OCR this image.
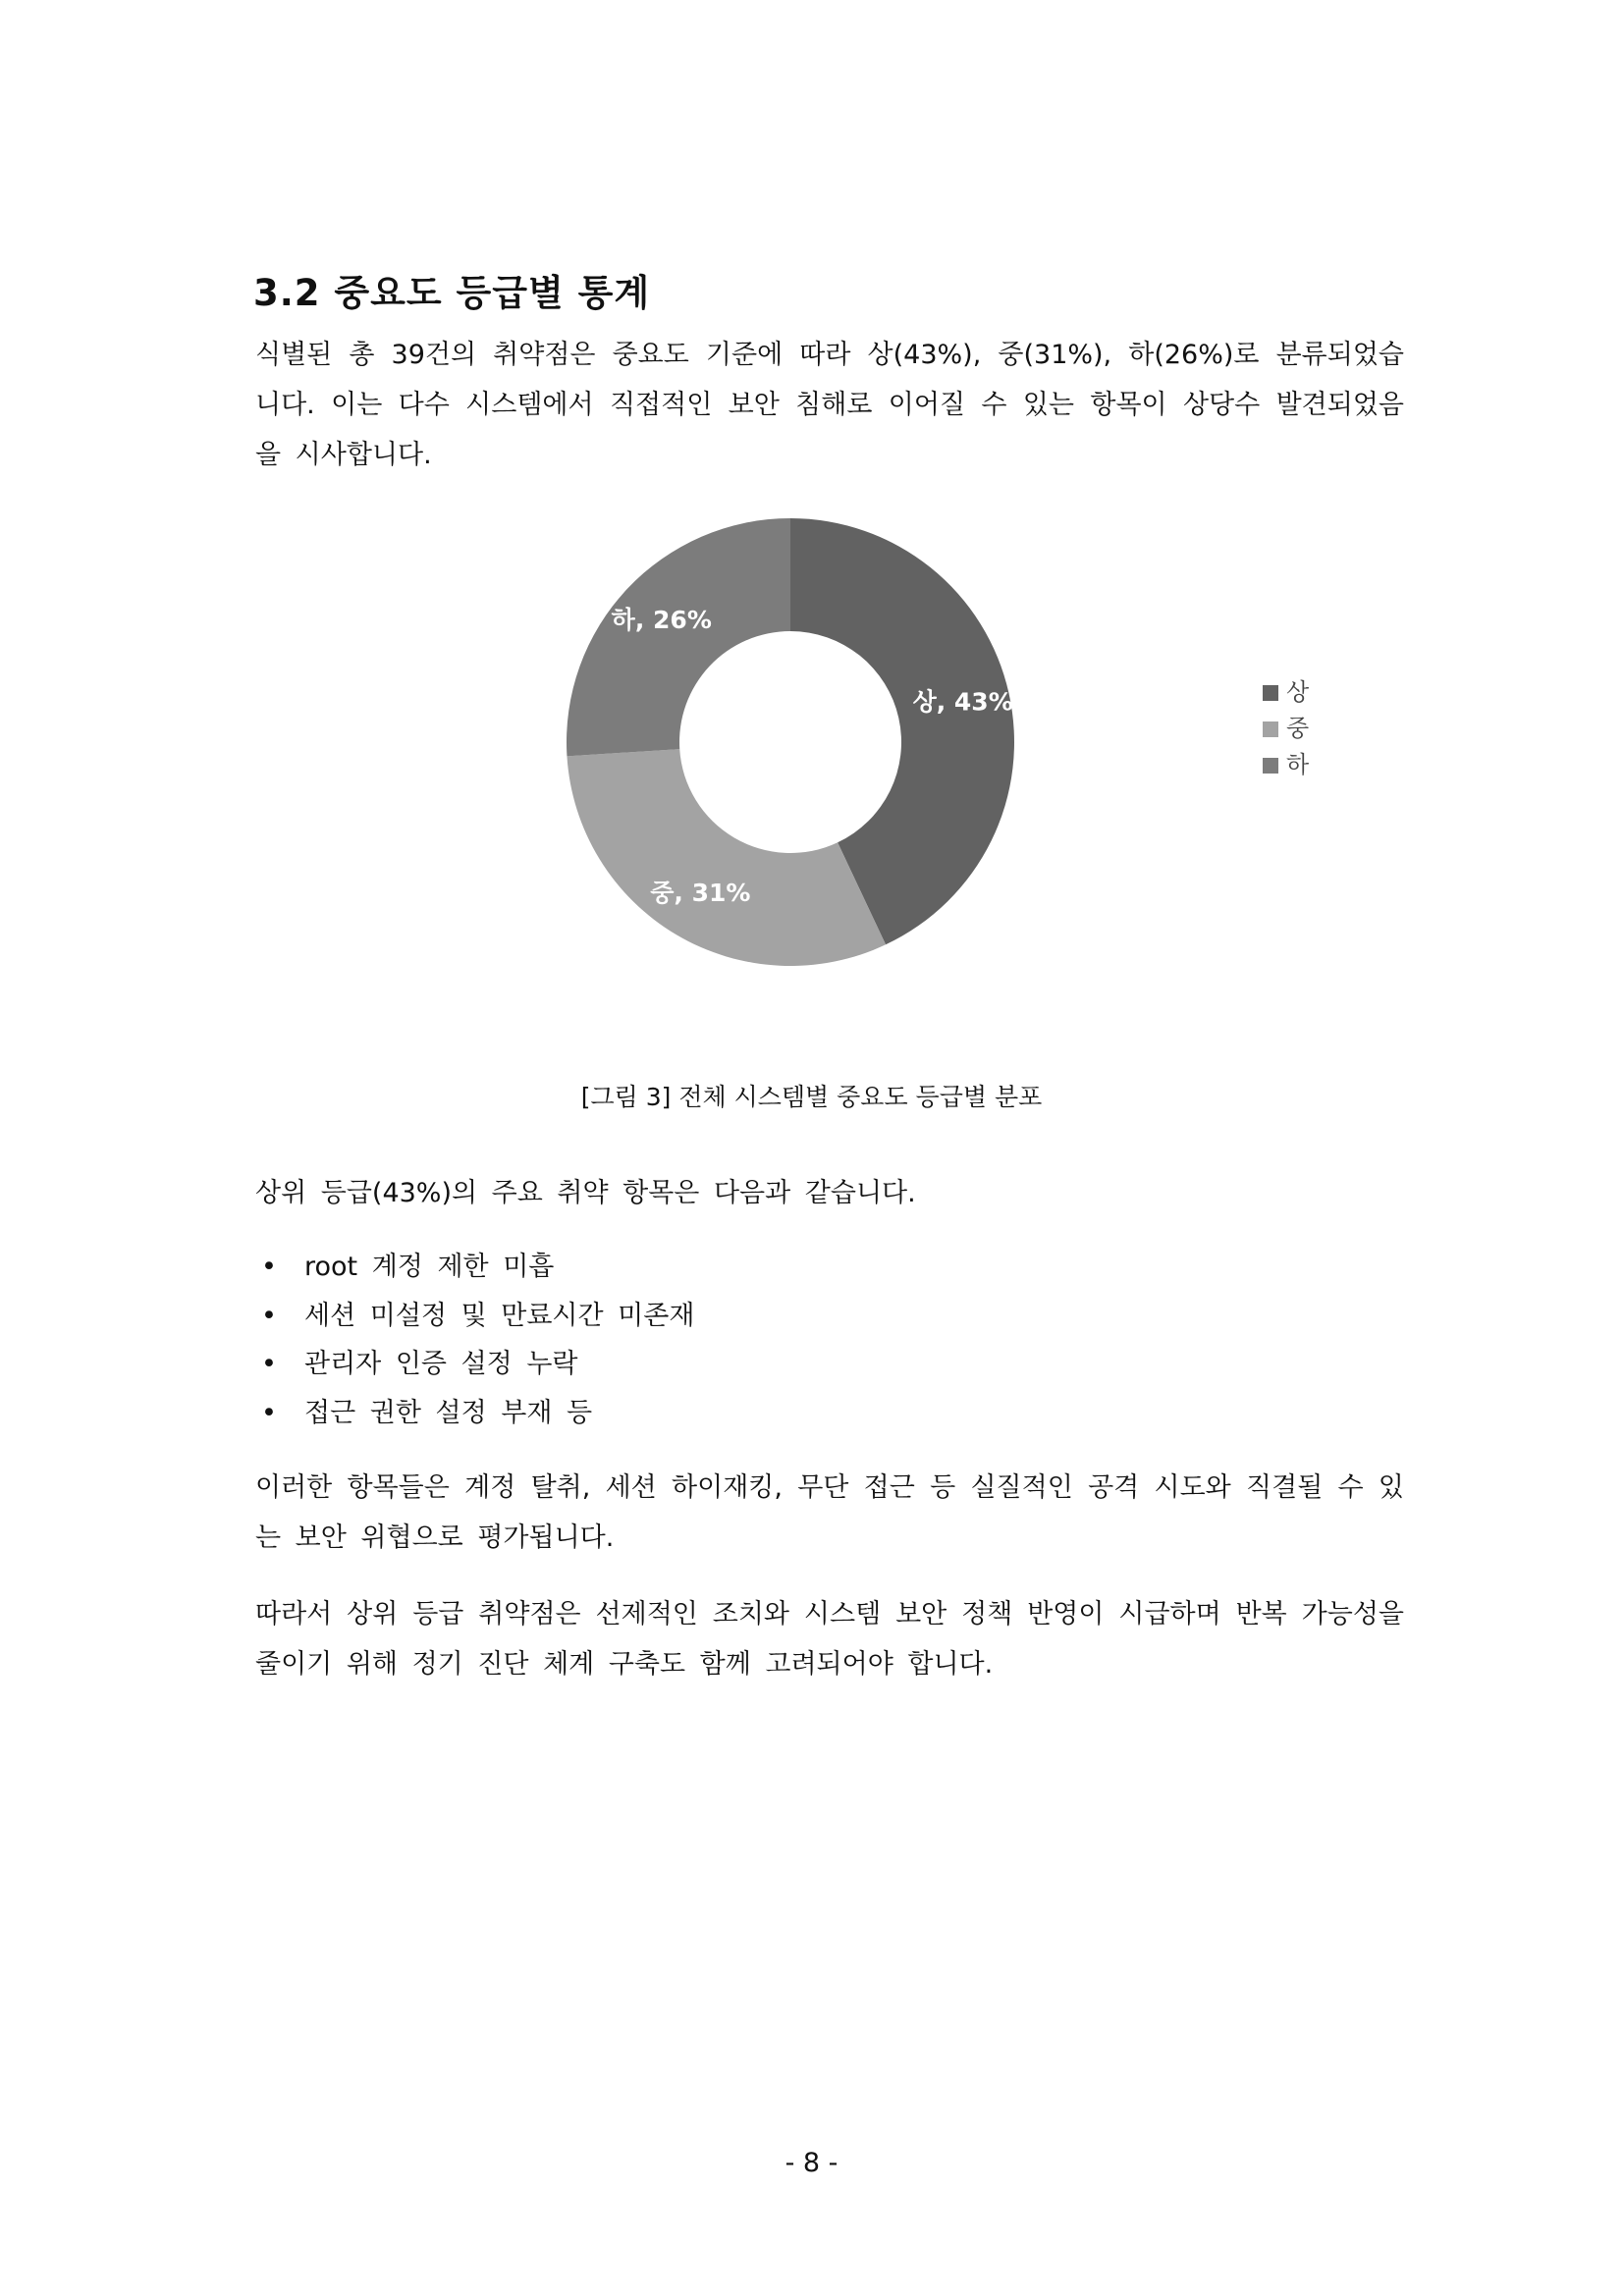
3.2 중요도 등급별 통계

식별된 총 39건의 취약점은 중요도 기준에 따라 상(43%), 중(31%), 하(26%)로 분류되었습니다. 이는 다수 시스템에서 직접적인 보안 침해로 이어질 수 있는 항목이 상당수 발견되었음을 시사합니다.

상, 43%
중, 31%
하, 26%
상
중
하

[그림 3] 전체 시스템별 중요도 등급별 분포

상위 등급(43%)의 주요 취약 항목은 다음과 같습니다.

• root 계정 제한 미흡
• 세션 미설정 및 만료시간 미존재
• 관리자 인증 설정 누락
• 접근 권한 설정 부재 등

이러한 항목들은 계정 탈취, 세션 하이재킹, 무단 접근 등 실질적인 공격 시도와 직결될 수 있는 보안 위협으로 평가됩니다.

따라서 상위 등급 취약점은 선제적인 조치와 시스템 보안 정책 반영이 시급하며 반복 가능성을 줄이기 위해 정기 진단 체계 구축도 함께 고려되어야 합니다.

- 8 -
